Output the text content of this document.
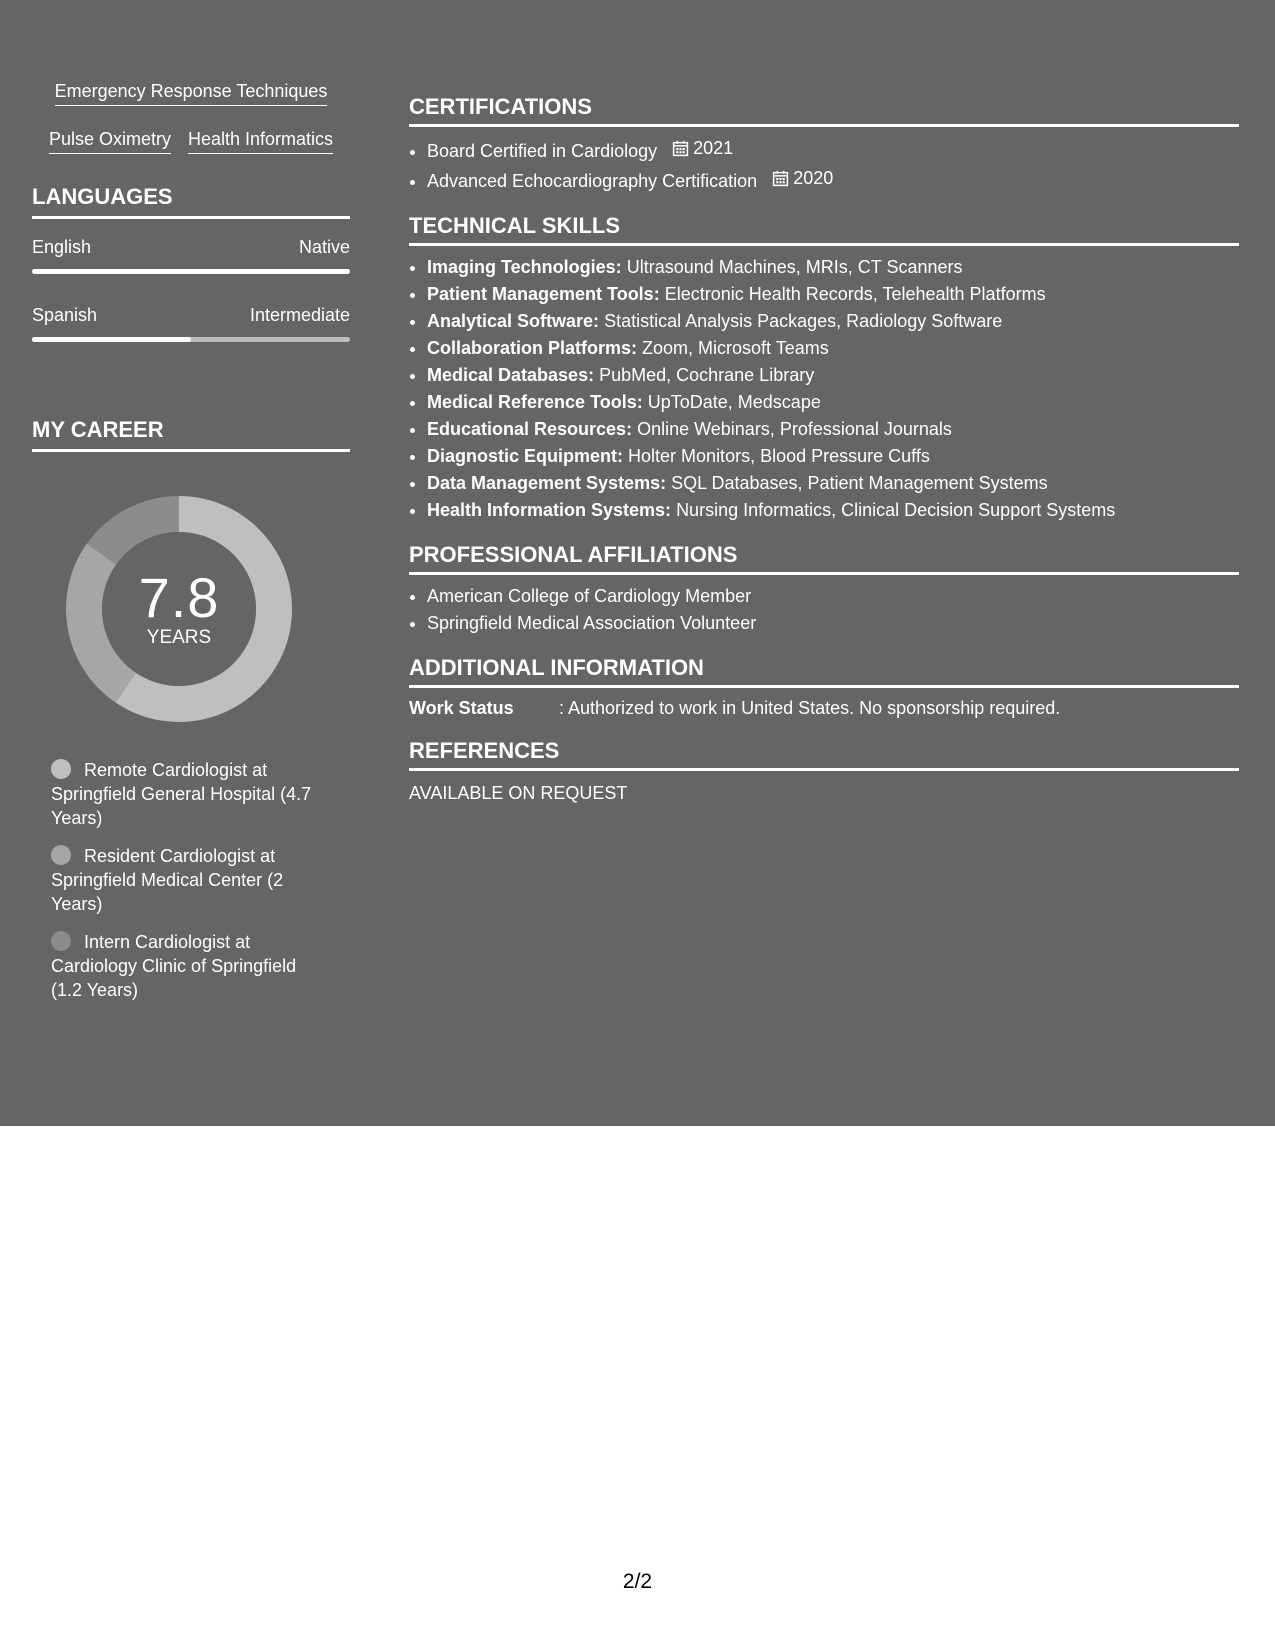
Emergency Response Techniques
Pulse Oximetry Health Informatics
LANGUAGES
English	Native
Spanish	Intermediate
MY CAREER
7.8
YEARS
Remote Cardiologist at Springfield General Hospital (4.7 Years)
Resident Cardiologist at Springfield Medical Center (2 Years)
Intern Cardiologist at Cardiology Clinic of Springfield (1.2 Years)
CERTIFICATIONS
• Board Certified in Cardiology 2021
• Advanced Echocardiography Certification 2020
TECHNICAL SKILLS
• Imaging Technologies: Ultrasound Machines, MRIs, CT Scanners
• Patient Management Tools: Electronic Health Records, Telehealth Platforms
• Analytical Software: Statistical Analysis Packages, Radiology Software
• Collaboration Platforms: Zoom, Microsoft Teams
• Medical Databases: PubMed, Cochrane Library
• Medical Reference Tools: UpToDate, Medscape
• Educational Resources: Online Webinars, Professional Journals
• Diagnostic Equipment: Holter Monitors, Blood Pressure Cuffs
• Data Management Systems: SQL Databases, Patient Management Systems
• Health Information Systems: Nursing Informatics, Clinical Decision Support Systems
PROFESSIONAL AFFILIATIONS
• American College of Cardiology Member
• Springfield Medical Association Volunteer
ADDITIONAL INFORMATION
Work Status	: Authorized to work in United States. No sponsorship required.
REFERENCES
AVAILABLE ON REQUEST
2/2
